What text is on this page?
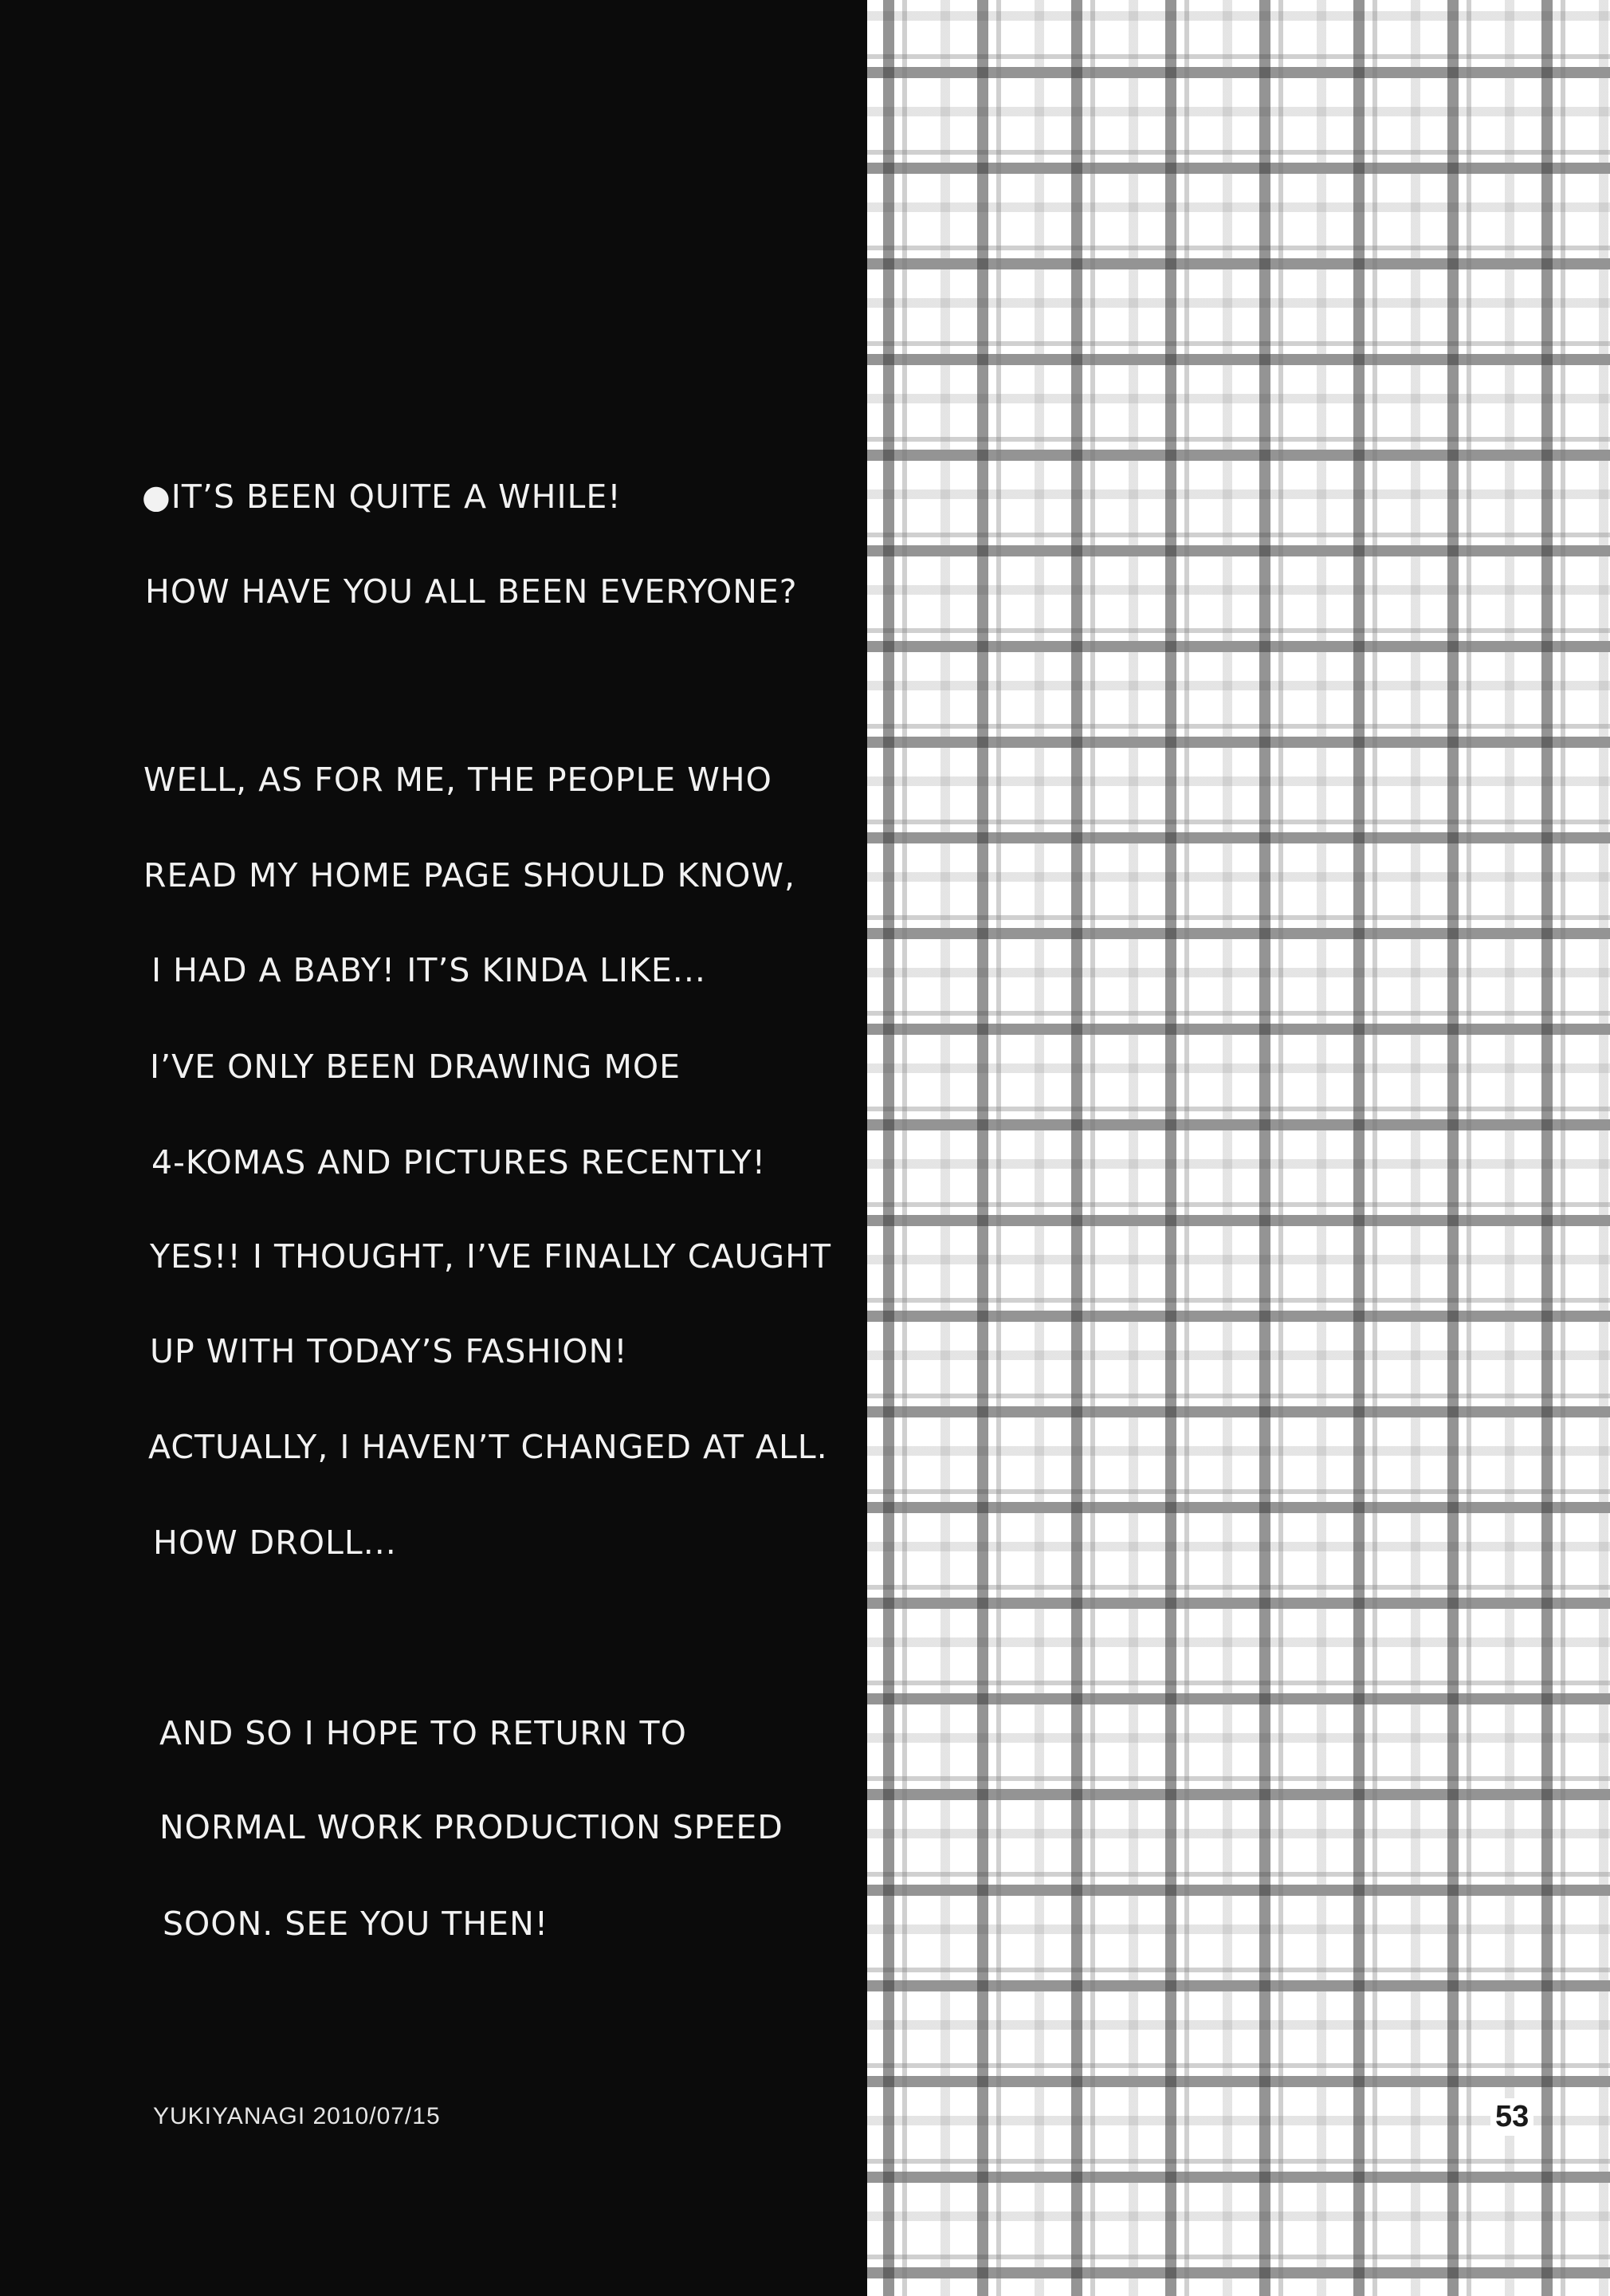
●IT’S BEEN QUITE A WHILE!

HOW HAVE YOU ALL BEEN EVERYONE?

WELL, AS FOR ME, THE PEOPLE WHO

READ MY HOME PAGE SHOULD KNOW,

I HAD A BABY! IT’S KINDA LIKE...

I’VE ONLY BEEN DRAWING MOE

4-KOMAS AND PICTURES RECENTLY!

YES!! I THOUGHT, I’VE FINALLY CAUGHT

UP WITH TODAY’S FASHION!

ACTUALLY, I HAVEN’T CHANGED AT ALL.

HOW DROLL...

AND SO I HOPE TO RETURN TO

NORMAL WORK PRODUCTION SPEED

SOON. SEE YOU THEN!

YUKIYANAGI 2010/07/15	53
